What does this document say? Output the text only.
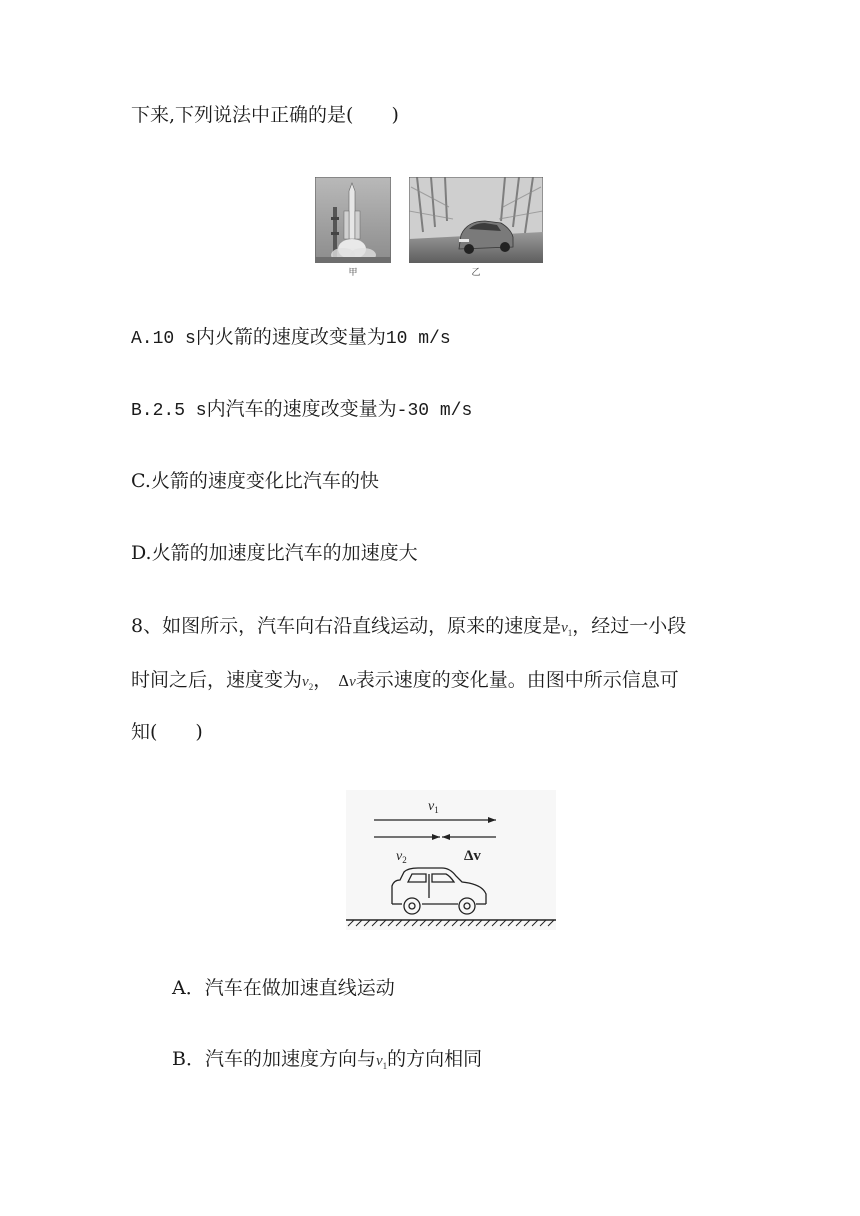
下来,下列说法中正确的是(　　)
甲	乙
A.10 s内火箭的速度改变量为10 m/s
B.2.5 s内汽车的速度改变量为-30 m/s
C.火箭的速度变化比汽车的快
D.火箭的加速度比汽车的加速度大
8、如图所示，汽车向右沿直线运动，原来的速度是$v_1$，经过一小段
时间之后，速度变为$v_2$， Δv表示速度的变化量。由图中所示信息可
知(　　)
$v_1$
$v_2$	Δv
A．汽车在做加速直线运动
B．汽车的加速度方向与$v_1$的方向相同
